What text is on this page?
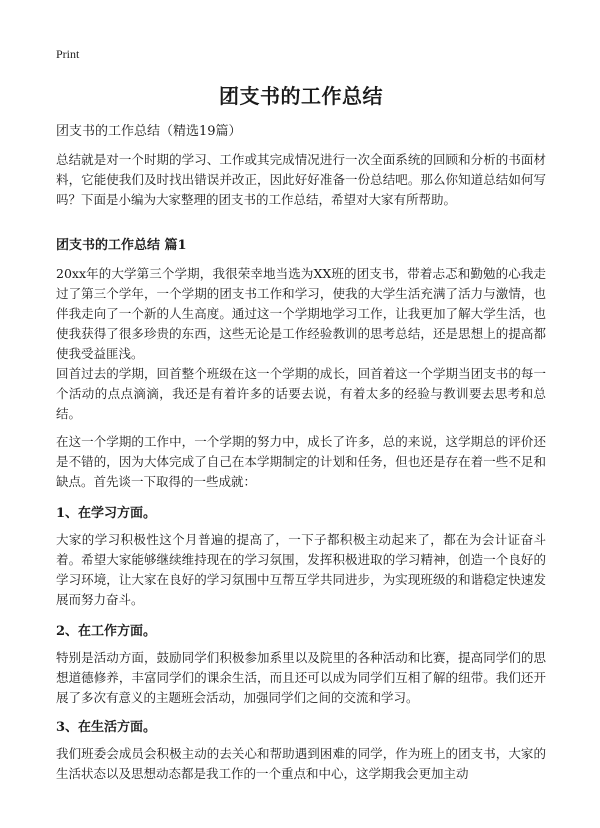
Print
团支书的工作总结
团支书的工作总结（精选19篇）

总结就是对一个时期的学习、工作或其完成情况进行一次全面系统的回顾和分析的书面材料，它能使我们及时找出错误并改正，因此好好准备一份总结吧。那么你知道总结如何写吗？下面是小编为大家整理的团支书的工作总结，希望对大家有所帮助。

团支书的工作总结 篇1

20xx年的大学第三个学期，我很荣幸地当选为XX班的团支书，带着忐忑和勤勉的心我走过了第三个学年，一个学期的团支书工作和学习，使我的大学生活充满了活力与激情，也伴我走向了一个新的人生高度。通过这一个学期地学习工作，让我更加了解大学生活，也使我获得了很多珍贵的东西，这些无论是工作经验教训的思考总结，还是思想上的提高都使我受益匪浅。

回首过去的学期，回首整个班级在这一个学期的成长，回首着这一个学期当团支书的每一个活动的点点滴滴，我还是有着许多的话要去说，有着太多的经验与教训要去思考和总结。

在这一个学期的工作中，一个学期的努力中，成长了许多，总的来说，这学期总的评价还是不错的，因为大体完成了自己在本学期制定的计划和任务，但也还是存在着一些不足和缺点。首先谈一下取得的一些成就：

1、在学习方面。

大家的学习积极性这个月普遍的提高了，一下子都积极主动起来了，都在为会计证奋斗着。希望大家能够继续维持现在的学习氛围，发挥积极进取的学习精神，创造一个良好的学习环境，让大家在良好的学习氛围中互帮互学共同进步，为实现班级的和谐稳定快速发展而努力奋斗。

2、在工作方面。

特别是活动方面，鼓励同学们积极参加系里以及院里的各种活动和比赛，提高同学们的思想道德修养，丰富同学们的课余生活，而且还可以成为同学们互相了解的纽带。我们还开展了多次有意义的主题班会活动，加强同学们之间的交流和学习。

3、在生活方面。

我们班委会成员会积极主动的去关心和帮助遇到困难的同学，作为班上的团支书，大家的生活状态以及思想动态都是我工作的一个重点和中心，这学期我会更加主动
